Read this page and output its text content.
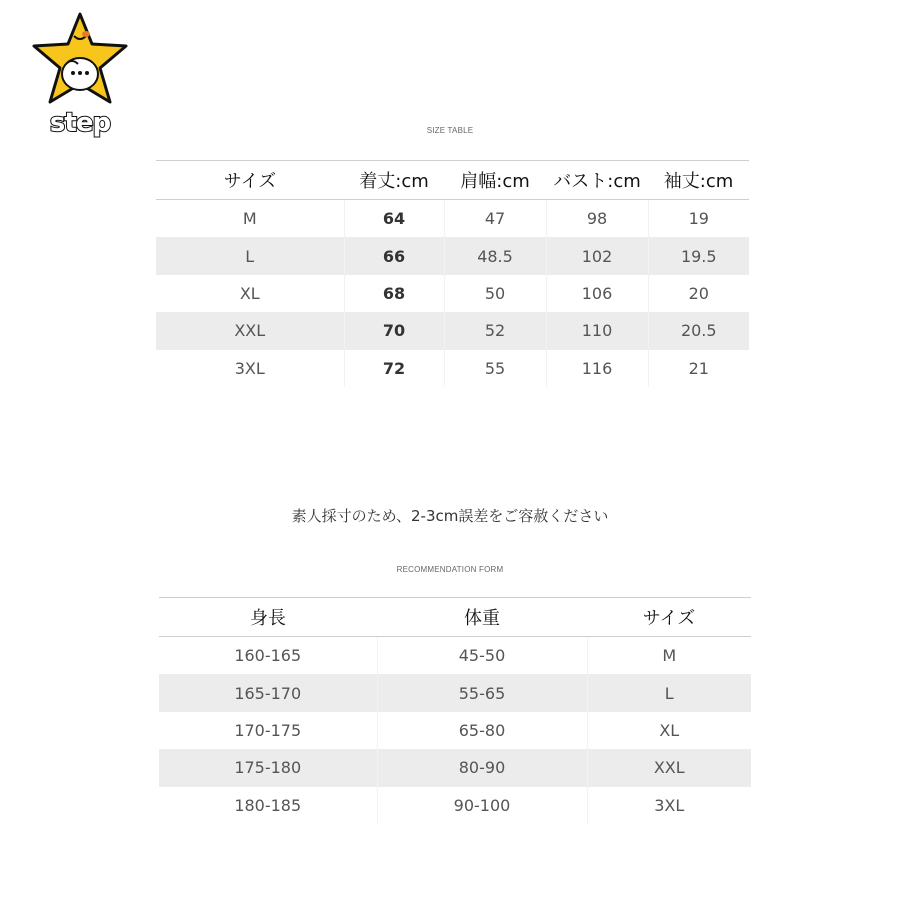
step	SIZE TABLE
サイズ	着丈:cm	肩幅:cm	バスト:cm	袖丈:cm
M	64	47	98	19
L	66	48.5	102	19.5
XL	68	50	106	20
XXL	70	52	110	20.5
3XL	72	55	116	21
素人採寸のため、2-3cm誤差をご容赦ください
RECOMMENDATION FORM
身長	体重	サイズ
160-165	45-50	M
165-170	55-65	L
170-175	65-80	XL
175-180	80-90	XXL
180-185	90-100	3XL
